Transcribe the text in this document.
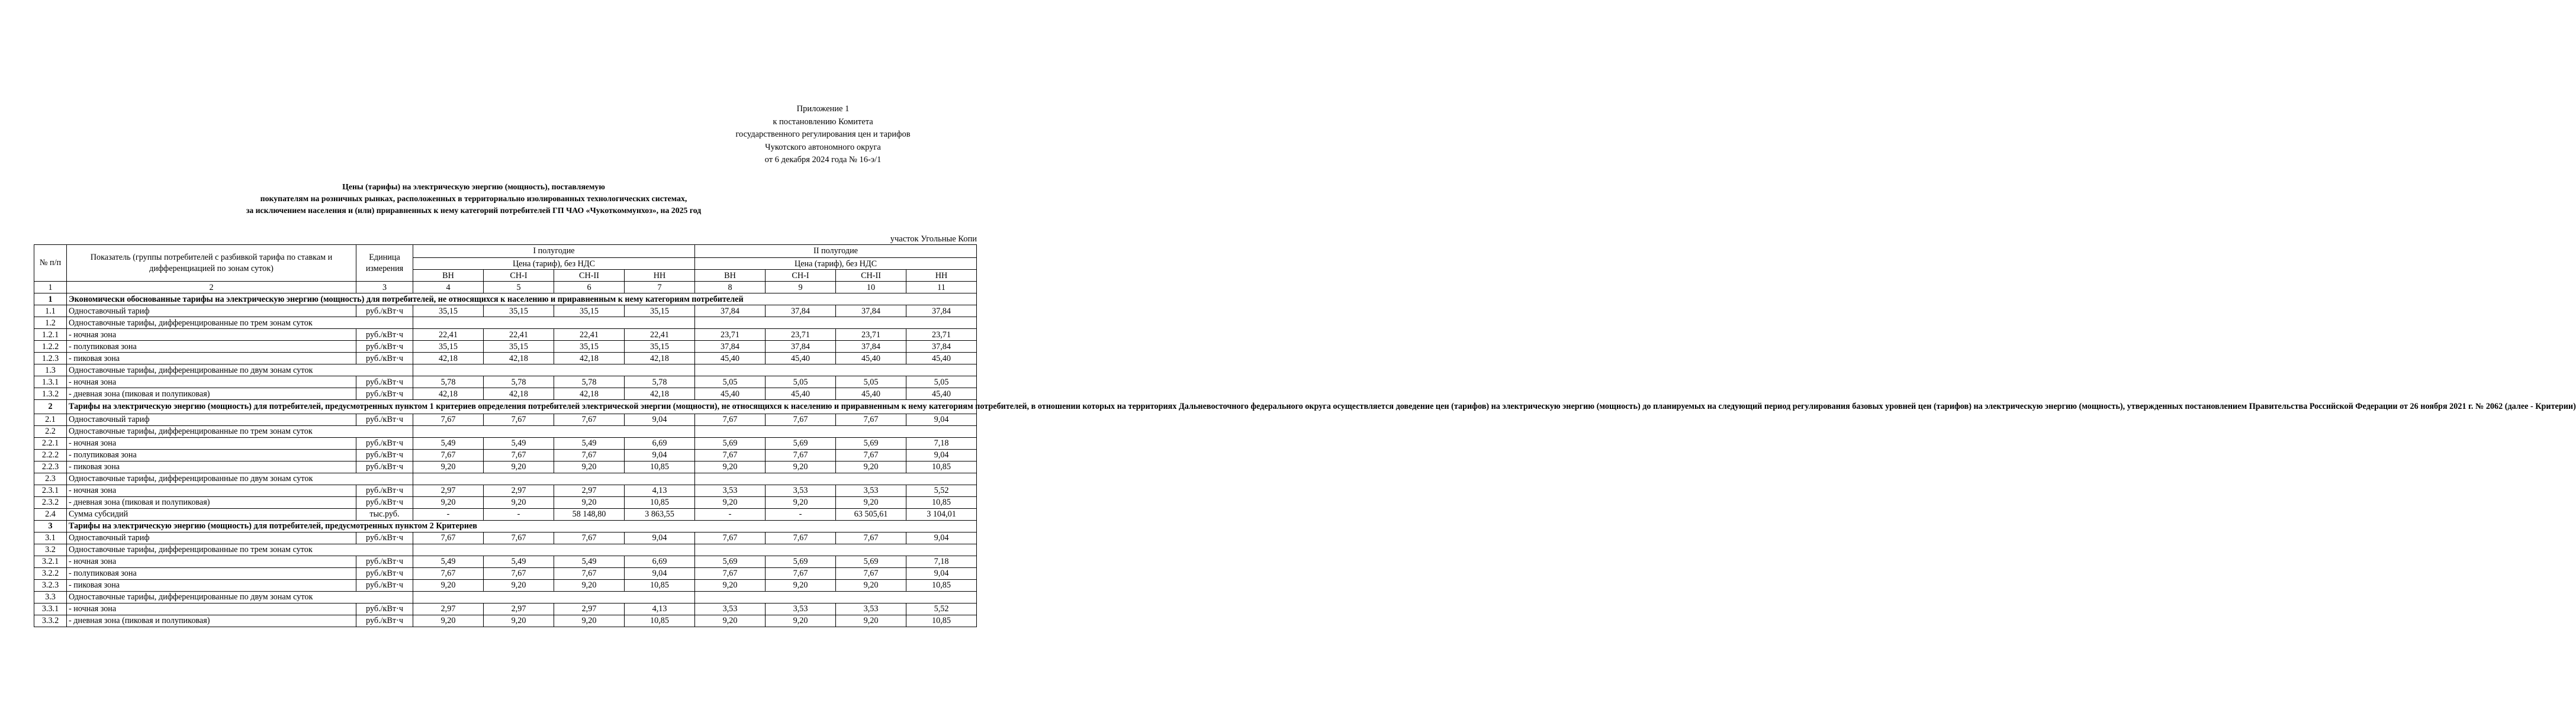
Приложение 1
к постановлению Комитета
государственного регулирования цен и тарифов
Чукотского автономного округа
от 6 декабря 2024 года № 16-э/1
Цены (тарифы) на электрическую энергию (мощность), поставляемую
покупателям на розничных рынках, расположенных в территориально изолированных технологических системах,
за исключением населения и (или) приравненных к нему категорий потребителей ГП ЧАО «Чукоткоммунхоз», на 2025 год
участок Угольные Копи
№ п/п	Показатель (группы потребителей с разбивкой тарифа по ставкам и дифференциацией по зонам суток)	Единица измерения	I полугодие				II полугодие			
			Цена (тариф), без НДС				Цена (тариф), без НДС			
			ВН	СН-I	СН-II	НН	ВН	СН-I	СН-II	НН
1	2	3	4	5	6	7	8	9	10	11
1	Экономически обоснованные тарифы на электрическую энергию (мощность) для потребителей, не относящихся к населению и приравненным к нему категориям потребителей									
1.1	Одноставочный тариф	руб./кВт·ч	35,15	35,15	35,15	35,15	37,84	37,84	37,84	37,84
1.2	Одноставочные тарифы, дифференцированные по трем зонам суток									
1.2.1	- ночная зона	руб./кВт·ч	22,41	22,41	22,41	22,41	23,71	23,71	23,71	23,71
1.2.2	- полупиковая зона	руб./кВт·ч	35,15	35,15	35,15	35,15	37,84	37,84	37,84	37,84
1.2.3	- пиковая зона	руб./кВт·ч	42,18	42,18	42,18	42,18	45,40	45,40	45,40	45,40
1.3	Одноставочные тарифы, дифференцированные по двум зонам суток									
1.3.1	- ночная зона	руб./кВт·ч	5,78	5,78	5,78	5,78	5,05	5,05	5,05	5,05
1.3.2	- дневная зона (пиковая и полупиковая)	руб./кВт·ч	42,18	42,18	42,18	42,18	45,40	45,40	45,40	45,40
2	Тарифы на электрическую энергию (мощность) для потребителей, предусмотренных пунктом 1 критериев определения потребителей электрической энергии (мощности), не относящихся к населению и приравненным к нему категориям потребителей, в отношении которых на территориях Дальневосточного федерального округа осуществляется доведение цен (тарифов) на электрическую энергию (мощность) до планируемых на следующий период регулирования базовых уровней цен (тарифов) на электрическую энергию (мощность), утвержденных постановлением Правительства Российской Федерации от 26 ноября 2021 г. № 2062 (далее - Критерии)									
2.1	Одноставочный тариф	руб./кВт·ч	7,67	7,67	7,67	9,04	7,67	7,67	7,67	9,04
2.2	Одноставочные тарифы, дифференцированные по трем зонам суток									
2.2.1	- ночная зона	руб./кВт·ч	5,49	5,49	5,49	6,69	5,69	5,69	5,69	7,18
2.2.2	- полупиковая зона	руб./кВт·ч	7,67	7,67	7,67	9,04	7,67	7,67	7,67	9,04
2.2.3	- пиковая зона	руб./кВт·ч	9,20	9,20	9,20	10,85	9,20	9,20	9,20	10,85
2.3	Одноставочные тарифы, дифференцированные по двум зонам суток									
2.3.1	- ночная зона	руб./кВт·ч	2,97	2,97	2,97	4,13	3,53	3,53	3,53	5,52
2.3.2	- дневная зона (пиковая и полупиковая)	руб./кВт·ч	9,20	9,20	9,20	10,85	9,20	9,20	9,20	10,85
2.4	Сумма субсидий	тыс.руб.	-	-	58 148,80	3 863,55	-	-	63 505,61	3 104,01
3	Тарифы на электрическую энергию (мощность) для потребителей, предусмотренных пунктом 2 Критериев									
3.1	Одноставочный тариф	руб./кВт·ч	7,67	7,67	7,67	9,04	7,67	7,67	7,67	9,04
3.2	Одноставочные тарифы, дифференцированные по трем зонам суток									
3.2.1	- ночная зона	руб./кВт·ч	5,49	5,49	5,49	6,69	5,69	5,69	5,69	7,18
3.2.2	- полупиковая зона	руб./кВт·ч	7,67	7,67	7,67	9,04	7,67	7,67	7,67	9,04
3.2.3	- пиковая зона	руб./кВт·ч	9,20	9,20	9,20	10,85	9,20	9,20	9,20	10,85
3.3	Одноставочные тарифы, дифференцированные по двум зонам суток									
3.3.1	- ночная зона	руб./кВт·ч	2,97	2,97	2,97	4,13	3,53	3,53	3,53	5,52
3.3.2	- дневная зона (пиковая и полупиковая)	руб./кВт·ч	9,20	9,20	9,20	10,85	9,20	9,20	9,20	10,85
